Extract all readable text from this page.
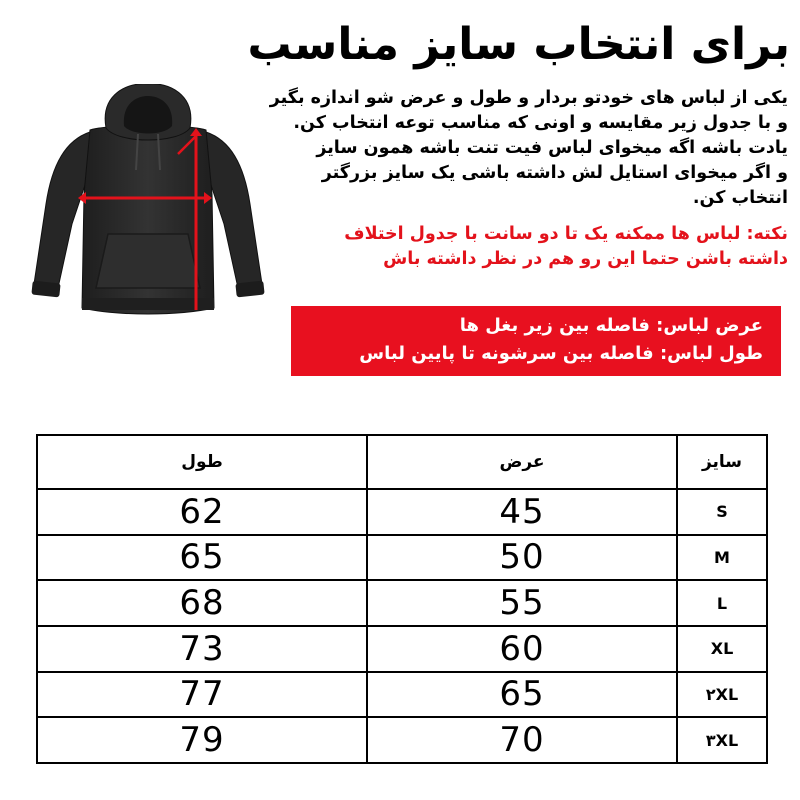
برای انتخاب سایز مناسب
یکی از لباس های خودتو بردار و طول و عرض شو اندازه بگیر
و با جدول زیر مقایسه و اونی که مناسب توعه انتخاب کن.
یادت باشه اگه میخوای لباس فیت تنت باشه همون سایز
و اگر میخوای استایل لش داشته باشی یک سایز بزرگتر
انتخاب کن.
نکته: لباس ها ممکنه یک تا دو سانت با جدول اختلاف
داشته باشن حتما این رو هم در نظر داشته باش
عرض لباس: فاصله بین زیر بغل ها
طول لباس: فاصله بین سرشونه تا پایین لباس
طول	عرض	سایز
62	45	S
65	50	M
68	55	L
73	60	XL
77	65	۲XL
79	70	۳XL
